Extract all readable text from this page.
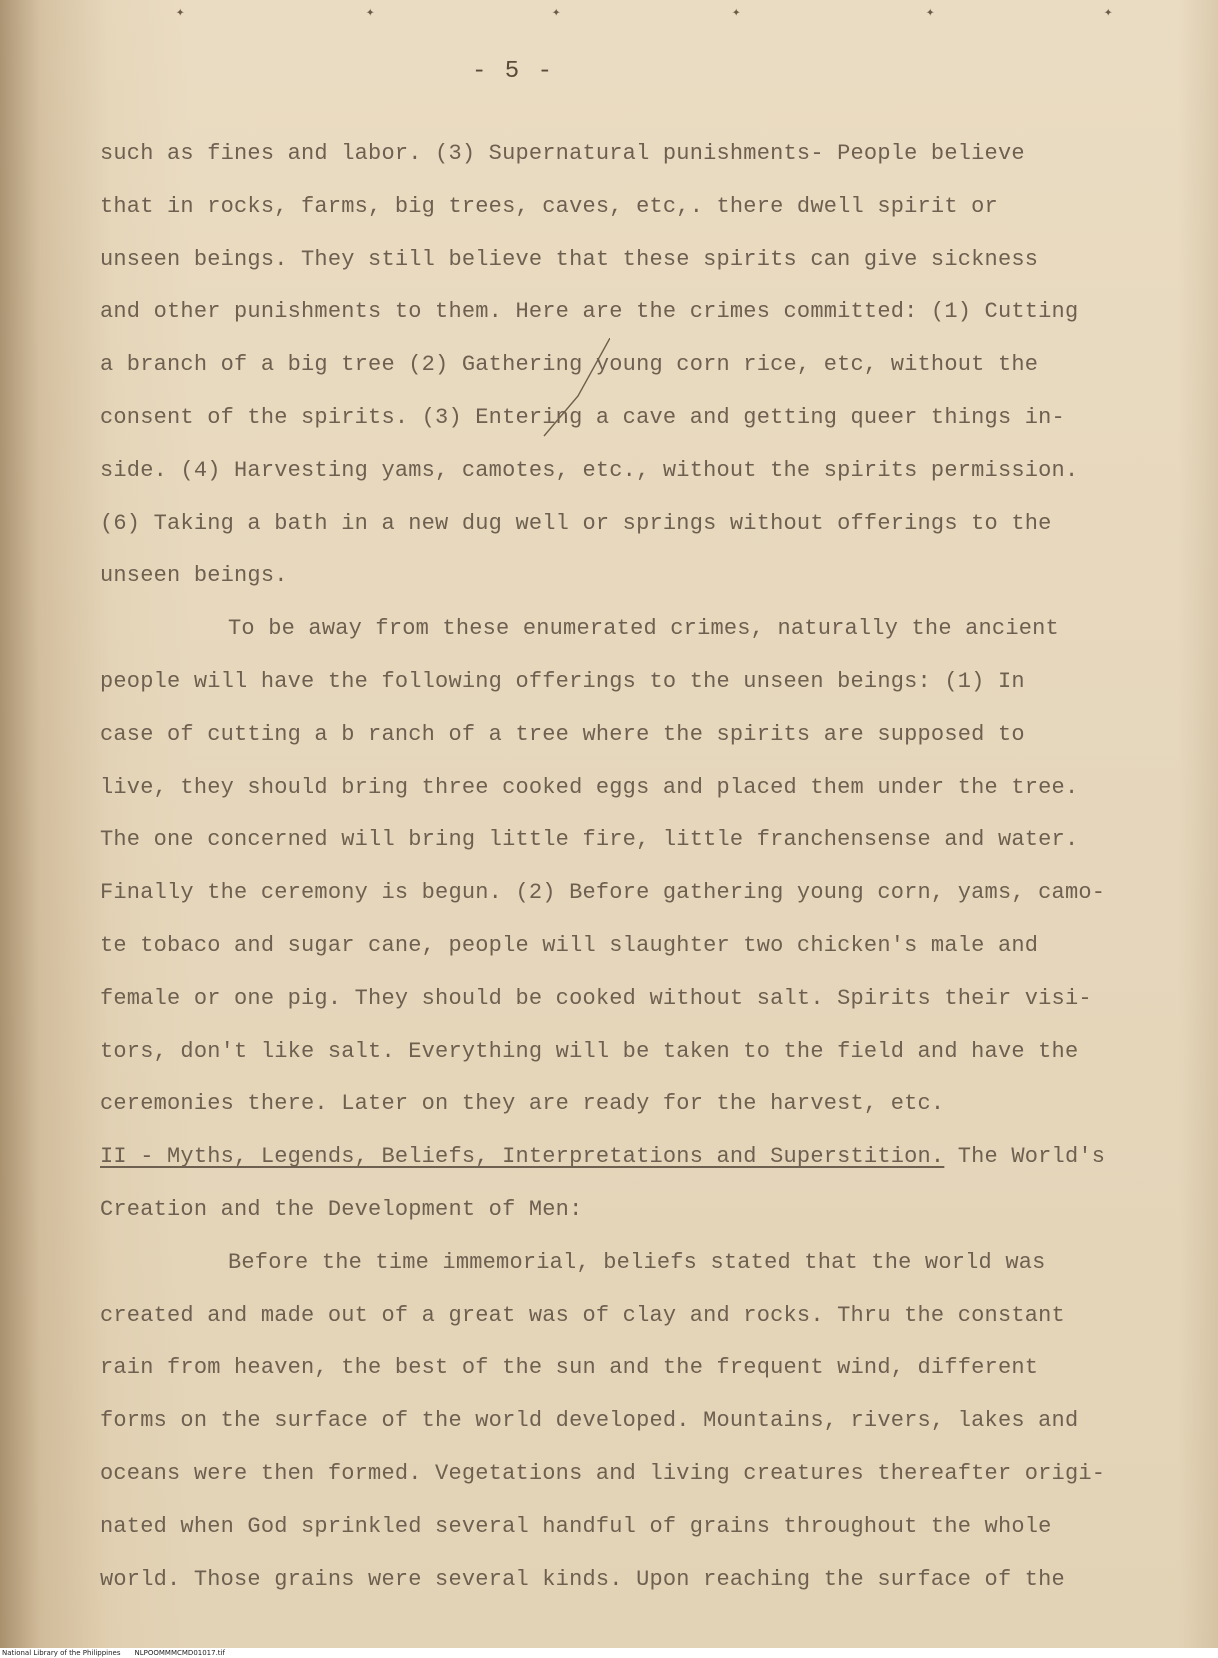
✦	✦	✦	✦	✦	✦
- 5 -
such as fines and labor. (3) Supernatural punishments- People believe
that in rocks, farms, big trees, caves, etc,. there dwell spirit or
unseen beings. They still believe that these spirits can give sickness
and other punishments to them. Here are the crimes committed: (1) Cutting
a branch of a big tree (2) Gathering young corn rice, etc, without the
consent of the spirits. (3) Entering a cave and getting queer things in-
side. (4) Harvesting yams, camotes, etc., without the spirits permission.
(6) Taking a bath in a new dug well or springs without offerings to the
unseen beings.
To be away from these enumerated crimes, naturally the ancient
people will have the following offerings to the unseen beings: (1) In
case of cutting a b ranch of a tree where the spirits are supposed to
live, they should bring three cooked eggs and placed them under the tree.
The one concerned will bring little fire, little franchensense and water.
Finally the ceremony is begun. (2) Before gathering young corn, yams, camo-
te tobaco and sugar cane, people will slaughter two chicken's male and
female or one pig. They should be cooked without salt. Spirits their visi-
tors, don't like salt. Everything will be taken to the field and have the
ceremonies there. Later on they are ready for the harvest, etc.
II - Myths, Legends, Beliefs, Interpretations and Superstition. The World's
Creation and the Development of Men:
Before the time immemorial, beliefs stated that the world was
created and made out of a great was of clay and rocks. Thru the constant
rain from heaven, the best of the sun and the frequent wind, different
forms on the surface of the world developed. Mountains, rivers, lakes and
oceans were then formed. Vegetations and living creatures thereafter origi-
nated when God sprinkled several handful of grains throughout the whole
world. Those grains were several kinds. Upon reaching the surface of the
National Library of the Philippines NLPOOMMMCMD01017.tif
